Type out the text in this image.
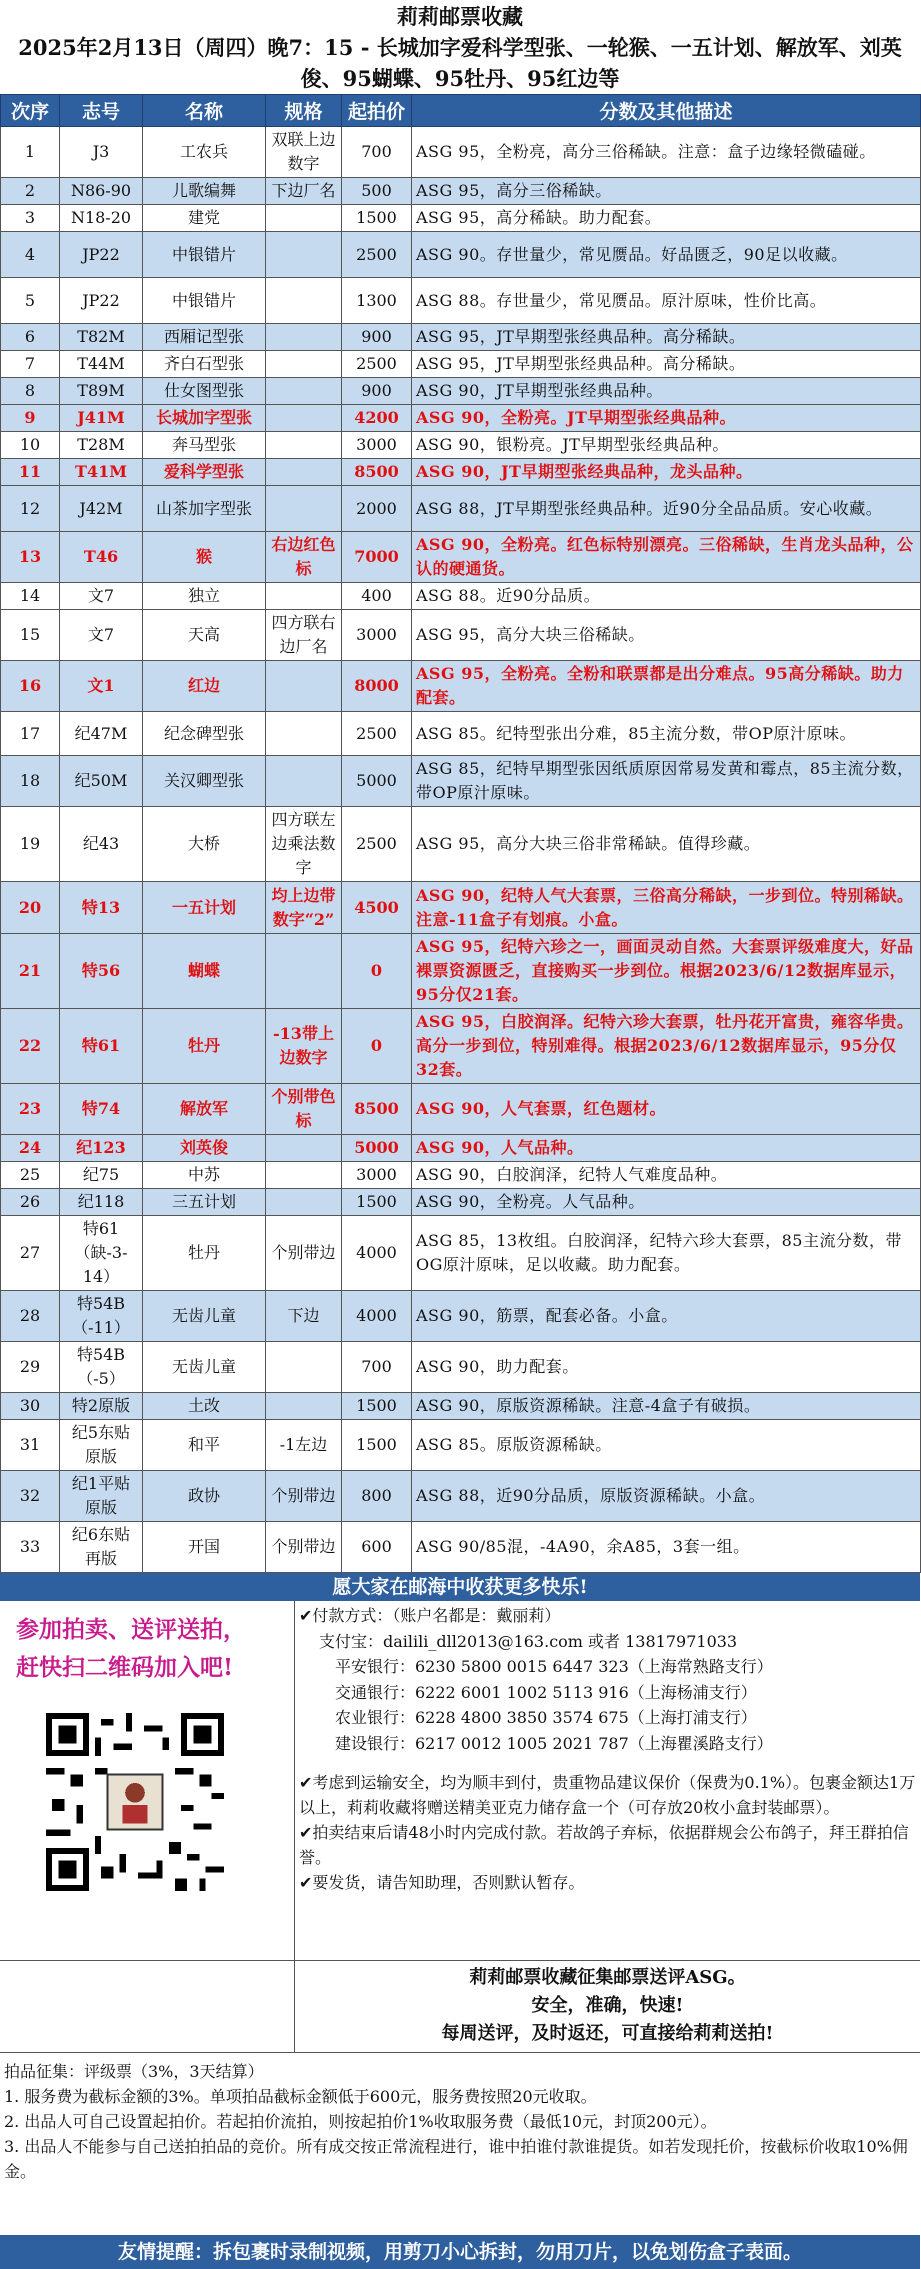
莉莉邮票收藏
2025年2月13日（周四）晚7：15 - 长城加字爱科学型张、一轮猴、一五计划、解放军、刘英俊、95蝴蝶、95牡丹、95红边等
次序	志号	名称	规格	起拍价	分数及其他描述
1	J3	工农兵	双联上边数字	700	ASG 95，全粉亮，高分三俗稀缺。注意：盒子边缘轻微磕碰。
2	N86-90	儿歌编舞	下边厂名	500	ASG 95，高分三俗稀缺。
3	N18-20	建党		1500	ASG 95，高分稀缺。助力配套。
4	JP22	中银错片		2500	ASG 90。存世量少，常见赝品。好品匮乏，90足以收藏。
5	JP22	中银错片		1300	ASG 88。存世量少，常见赝品。原汁原味，性价比高。
6	T82M	西厢记型张		900	ASG 95，JT早期型张经典品种。高分稀缺。
7	T44M	齐白石型张		2500	ASG 95，JT早期型张经典品种。高分稀缺。
8	T89M	仕女图型张		900	ASG 90，JT早期型张经典品种。
9	J41M	长城加字型张		4200	ASG 90，全粉亮。JT早期型张经典品种。
10	T28M	奔马型张		3000	ASG 90，银粉亮。JT早期型张经典品种。
11	T41M	爱科学型张		8500	ASG 90，JT早期型张经典品种，龙头品种。
12	J42M	山茶加字型张		2000	ASG 88，JT早期型张经典品种。近90分全品品质。安心收藏。
13	T46	猴	右边红色标	7000	ASG 90，全粉亮。红色标特别漂亮。三俗稀缺，生肖龙头品种，公认的硬通货。
14	文7	独立		400	ASG 88。近90分品质。
15	文7	天高	四方联右边厂名	3000	ASG 95，高分大块三俗稀缺。
16	文1	红边		8000	ASG 95，全粉亮。全粉和联票都是出分难点。95高分稀缺。助力配套。
17	纪47M	纪念碑型张		2500	ASG 85。纪特型张出分难，85主流分数，带OP原汁原味。
18	纪50M	关汉卿型张		5000	ASG 85，纪特早期型张因纸质原因常易发黄和霉点，85主流分数，带OP原汁原味。
19	纪43	大桥	四方联左边乘法数字	2500	ASG 95，高分大块三俗非常稀缺。值得珍藏。
20	特13	一五计划	均上边带数字“2”	4500	ASG 90，纪特人气大套票，三俗高分稀缺，一步到位。特别稀缺。注意-11盒子有划痕。小盒。
21	特56	蝴蝶		0	ASG 95，纪特六珍之一，画面灵动自然。大套票评级难度大，好品裸票资源匮乏，直接购买一步到位。根据2023/6/12数据库显示，95分仅21套。
22	特61	牡丹	-13带上边数字	0	ASG 95，白胶润泽。纪特六珍大套票，牡丹花开富贵，雍容华贵。高分一步到位，特别难得。根据2023/6/12数据库显示，95分仅32套。
23	特74	解放军	个别带色标	8500	ASG 90，人气套票，红色题材。
24	纪123	刘英俊		5000	ASG 90，人气品种。
25	纪75	中苏		3000	ASG 90，白胶润泽，纪特人气难度品种。
26	纪118	三五计划		1500	ASG 90，全粉亮。人气品种。
27	特61（缺-3-14）	牡丹	个别带边	4000	ASG 85，13枚组。白胶润泽，纪特六珍大套票，85主流分数，带OG原汁原味，足以收藏。助力配套。
28	特54B（-11）	无齿儿童	下边	4000	ASG 90，筋票，配套必备。小盒。
29	特54B（-5）	无齿儿童		700	ASG 90，助力配套。
30	特2原版	土改		1500	ASG 90，原版资源稀缺。注意-4盒子有破损。
31	纪5东贴原版	和平	-1左边	1500	ASG 85。原版资源稀缺。
32	纪1平贴原版	政协	个别带边	800	ASG 88，近90分品质，原版资源稀缺。小盒。
33	纪6东贴再版	开国	个别带边	600	ASG 90/85混，-4A90，余A85，3套一组。
愿大家在邮海中收获更多快乐!
参加拍卖、送评送拍，
赶快扫二维码加入吧!
✔付款方式：（账户名都是：戴丽莉）
支付宝：dailili_dll2013@163.com 或者 13817971033
平安银行：6230 5800 0015 6447 323（上海常熟路支行）
交通银行：6222 6001 1002 5113 916（上海杨浦支行）
农业银行：6228 4800 3850 3574 675（上海打浦支行）
建设银行：6217 0012 1005 2021 787（上海瞿溪路支行）
✔考虑到运输安全，均为顺丰到付，贵重物品建议保价（保费为0.1%）。包裹金额达1万以上，莉莉收藏将赠送精美亚克力储存盒一个（可存放20枚小盒封装邮票）。
✔拍卖结束后请48小时内完成付款。若故鸽子弃标，依据群规会公布鸽子，拜王群拍信誉。
✔要发货，请告知助理，否则默认暂存。
莉莉邮票收藏征集邮票送评ASG。
安全，准确，快速!
每周送评，及时返还，可直接给莉莉送拍!
拍品征集：评级票（3%，3天结算）
1. 服务费为截标金额的3%。单项拍品截标金额低于600元，服务费按照20元收取。
2. 出品人可自己设置起拍价。若起拍价流拍，则按起拍价1%收取服务费（最低10元，封顶200元）。
3. 出品人不能参与自己送拍拍品的竞价。所有成交按正常流程进行，谁中拍谁付款谁提货。如若发现托价，按截标价收取10%佣金。
友情提醒：拆包裹时录制视频，用剪刀小心拆封，勿用刀片，以免划伤盒子表面。
